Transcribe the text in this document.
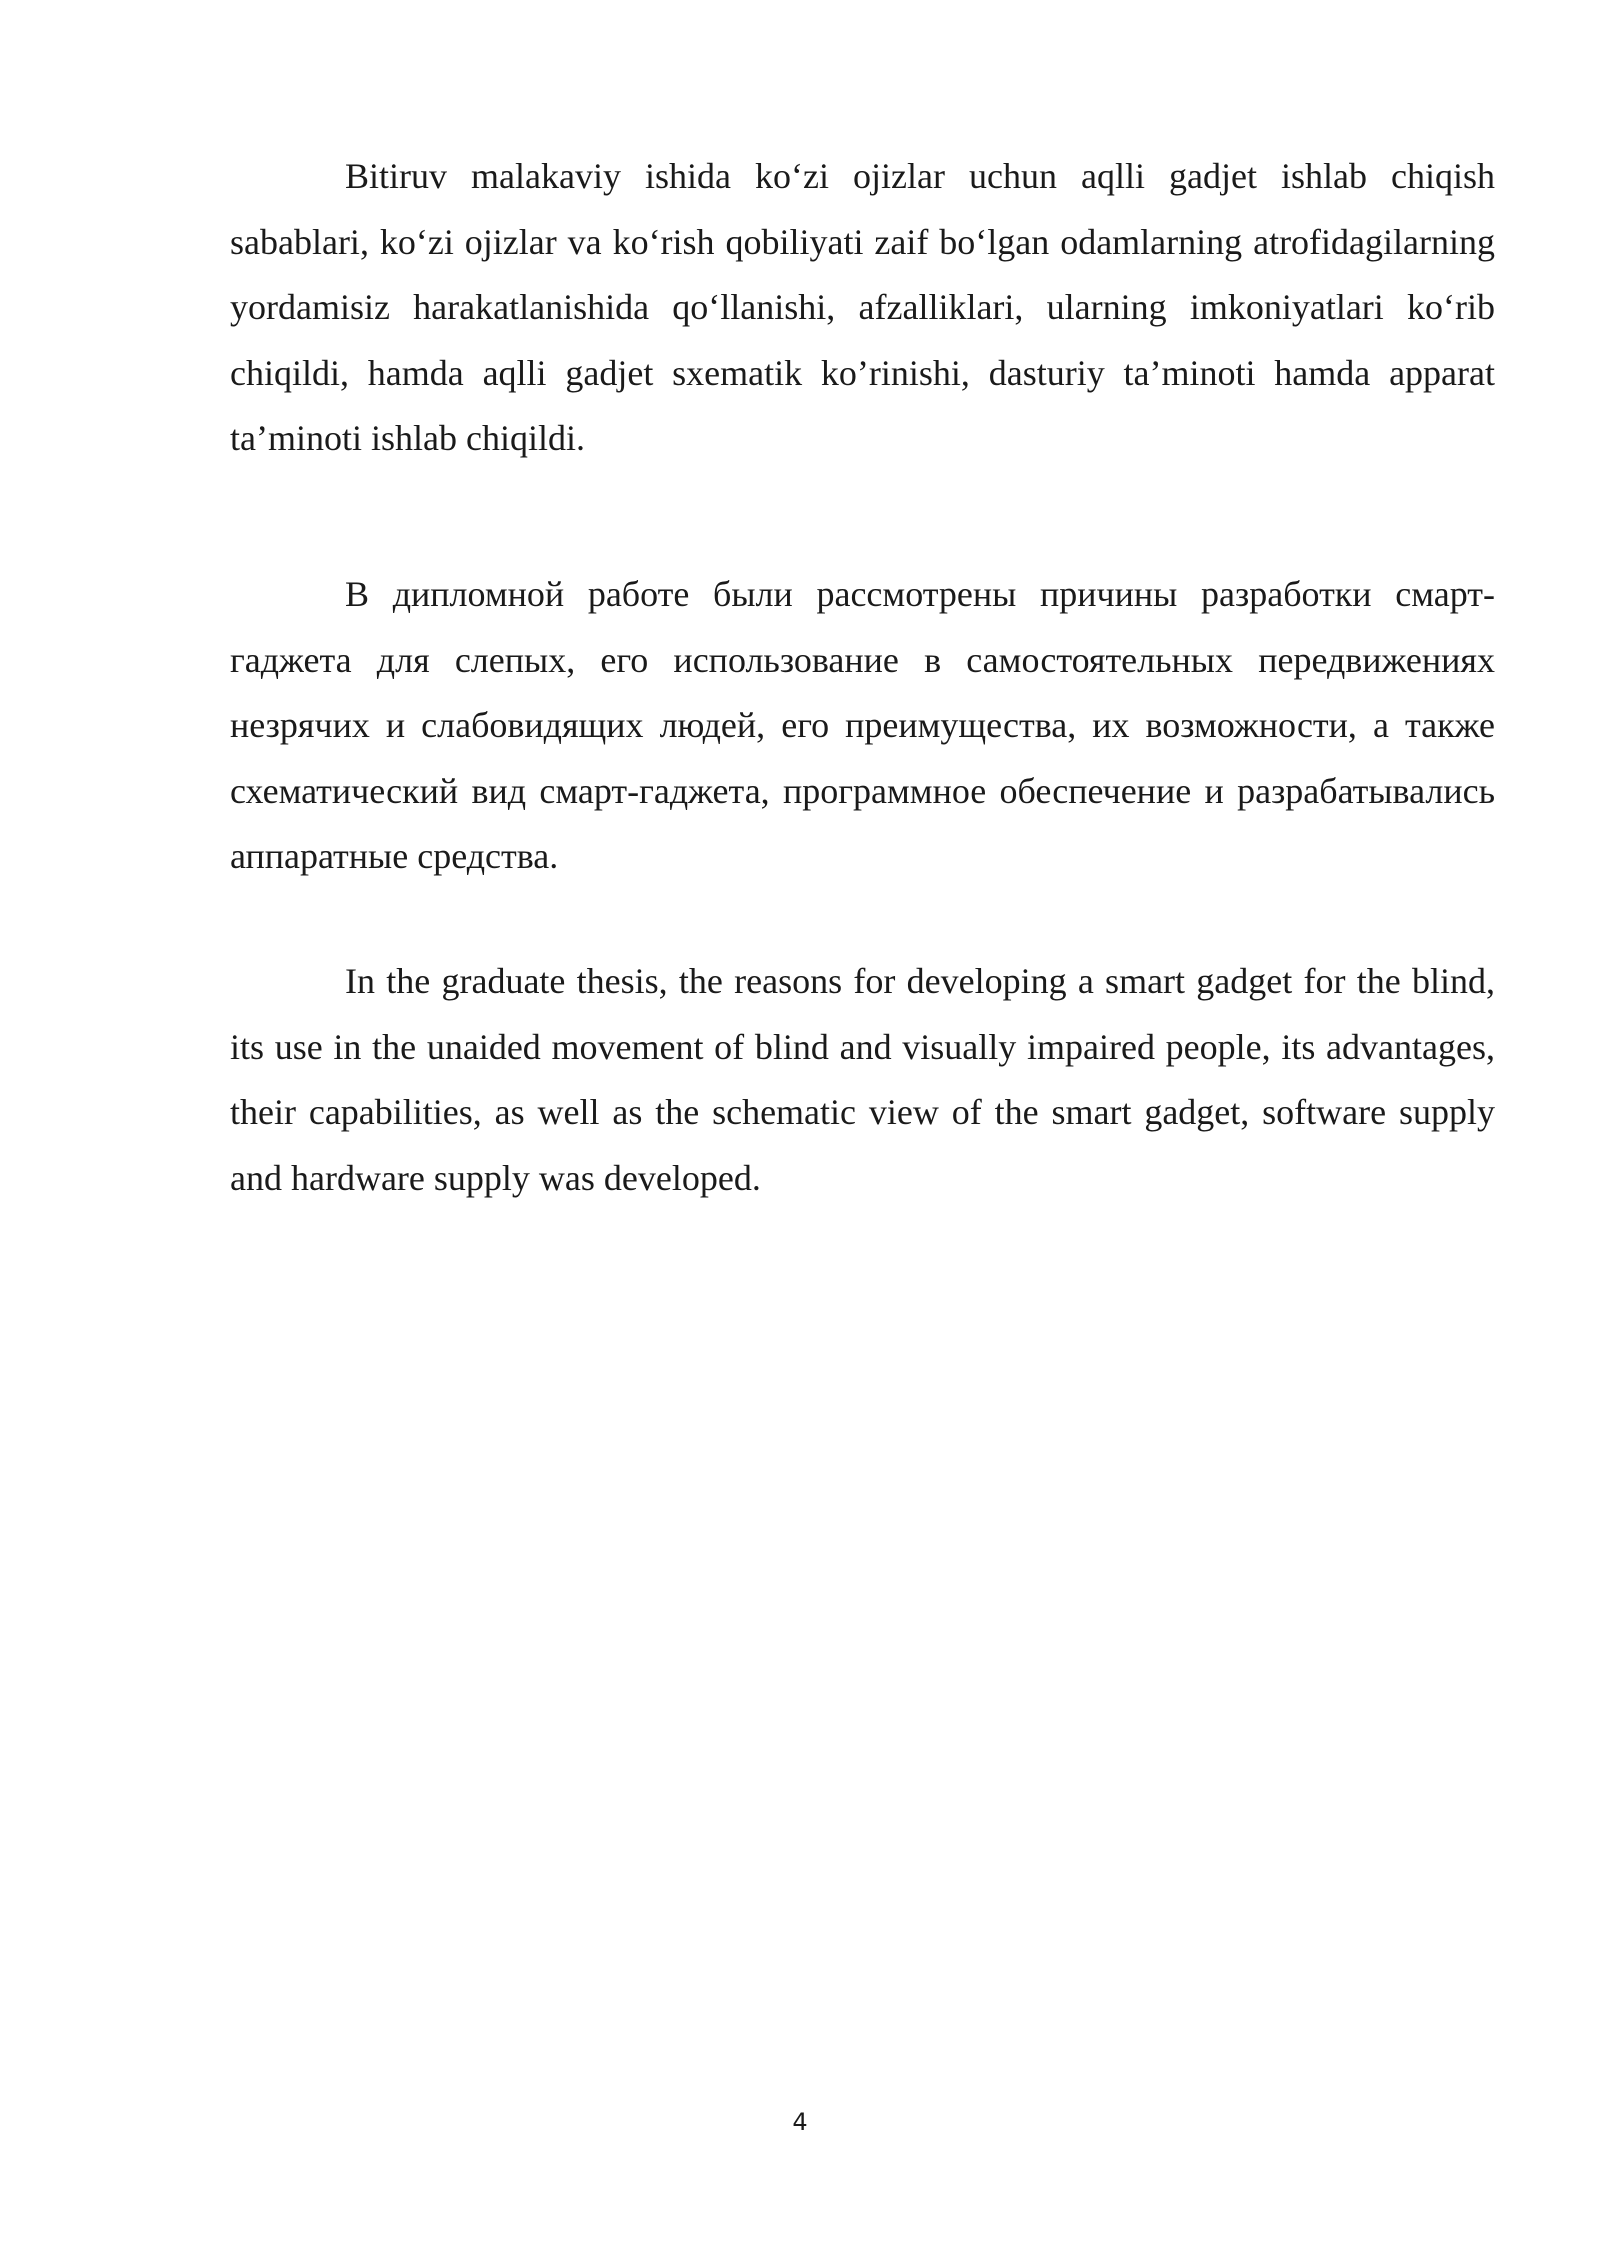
Bitiruv malakaviy ishida ko‘zi ojizlar uchun aqlli gadjet ishlab chiqish sabablari, ko‘zi ojizlar va ko‘rish qobiliyati zaif bo‘lgan odamlarning atrofidagilarning yordamisiz harakatlanishida qo‘llanishi, afzalliklari, ularning imkoniyatlari ko‘rib chiqildi, hamda aqlli gadjet sxematik ko’rinishi, dasturiy ta’minoti hamda apparat ta’minoti ishlab chiqildi.

В дипломной работе были рассмотрены причины разработки смарт-гаджета для слепых, его использование в самостоятельных передвижениях незрячих и слабовидящих людей, его преимущества, их возможности, а также схематический вид смарт-гаджета, программное обеспечение и разрабатывались аппаратные средства.

In the graduate thesis, the reasons for developing a smart gadget for the blind, its use in the unaided movement of blind and visually impaired people, its advantages, their capabilities, as well as the schematic view of the smart gadget, software supply and hardware supply was developed.

4
